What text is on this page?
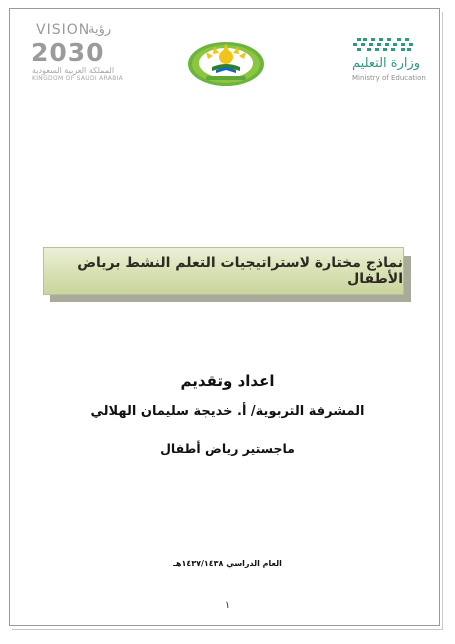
VISION
رؤية
2030
المملكة العربية السعودية
KINGDOM OF SAUDI ARABIA
وزارة التعليم
Ministry of Education
نماذج مختارة لاستراتيجيات التعلم النشط برياض الأطفال
اعداد وتقديم
المشرفة التربوية/ أ. خديجة سليمان الهلالي
ماجستير رياض أطفال
العام الدراسي ١٤٣٧/١٤٣٨هـ
١
